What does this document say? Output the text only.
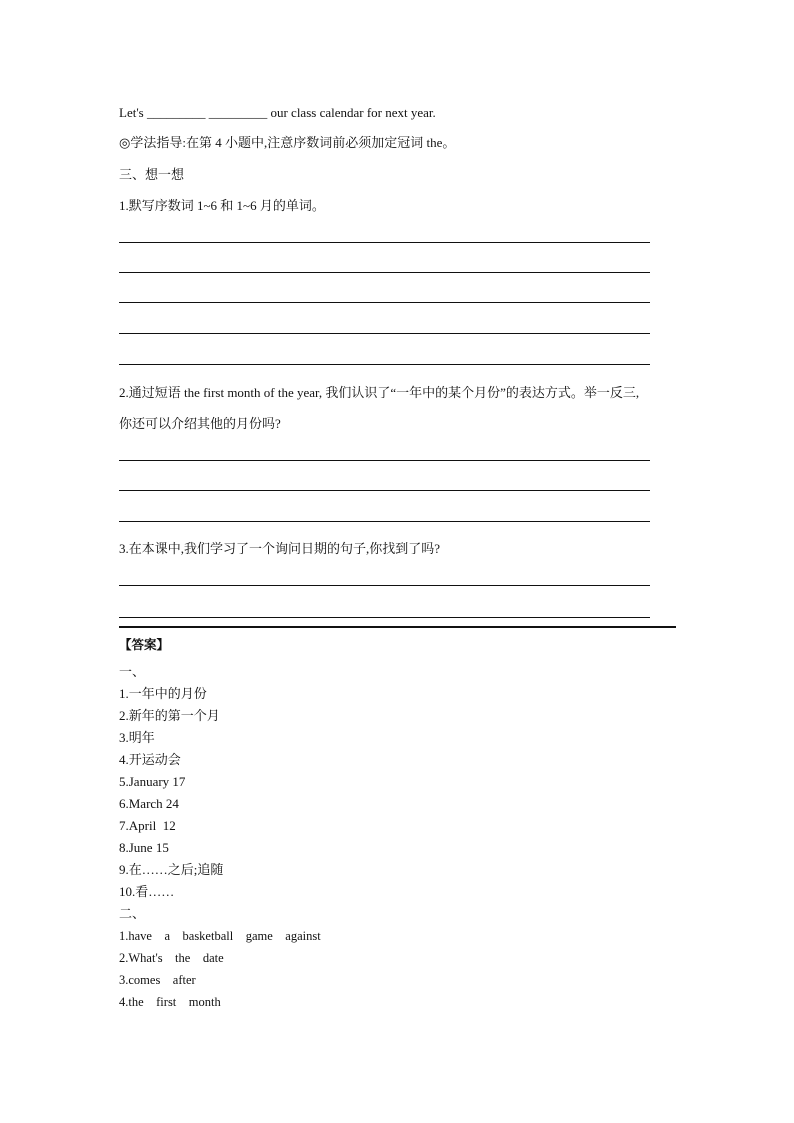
Let's _________ _________ our class calendar for next year.
◎学法指导:在第 4 小题中,注意序数词前必须加定冠词 the。
三、想一想
1.默写序数词 1~6 和 1~6 月的单词。
2.通过短语 the first month of the year, 我们认识了“一年中的某个月份”的表达方式。举一反三,
你还可以介绍其他的月份吗?
3.在本课中,我们学习了一个询问日期的句子,你找到了吗?
【答案】
一、
1.一年中的月份
2.新年的第一个月
3.明年
4.开运动会
5.January 17
6.March 24
7.April  12
8.June 15
9.在……之后;追随
10.看……
二、
1.have    a    basketball    game    against
2.What's    the    date
3.comes    after
4.the    first    month
